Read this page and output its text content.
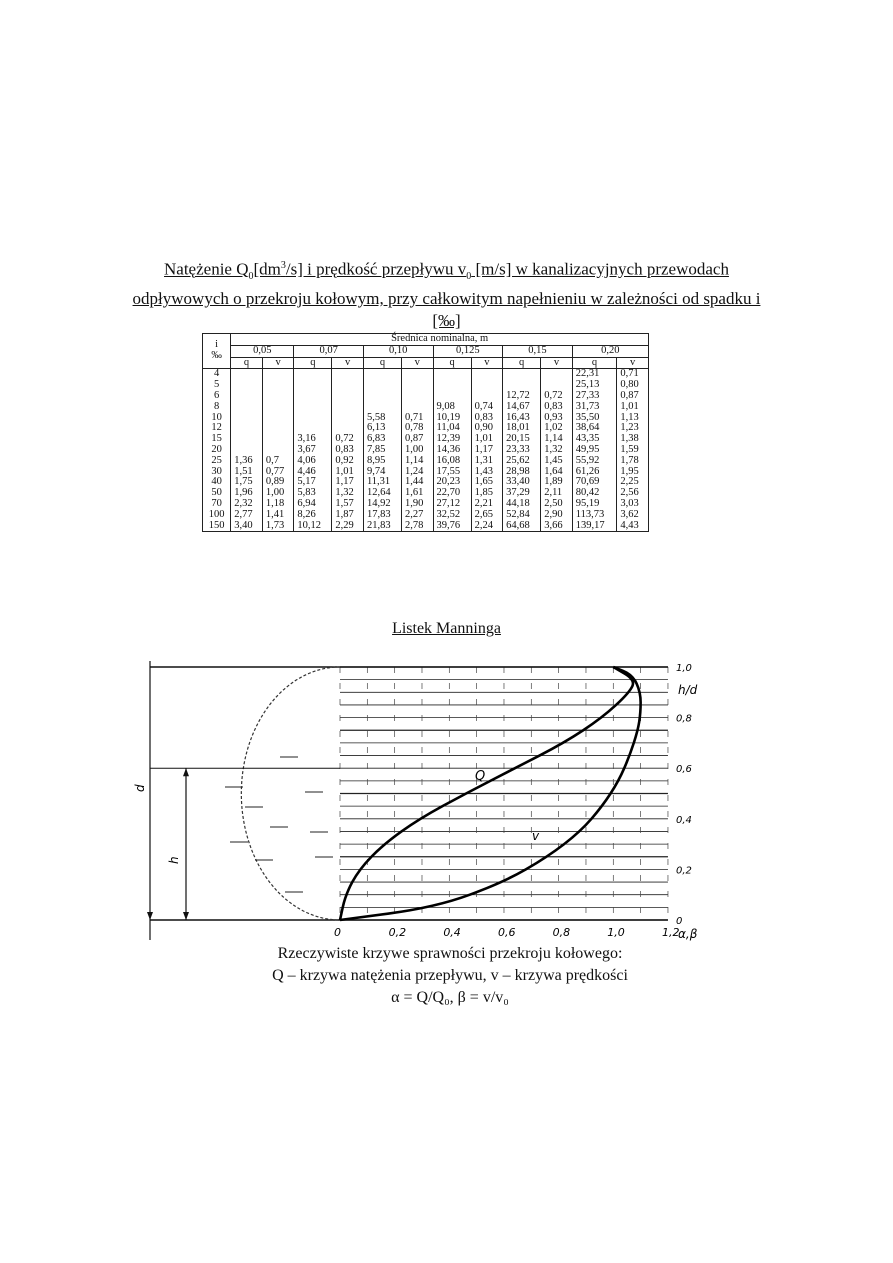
Natężenie $Q_0[dm^3/s]$ i prędkość przepływu $v_0$ [m/s] w kanalizacyjnych przewodach odpływowych o przekroju kołowym, przy całkowitym napełnieniu w zależności od spadku i [‰]
i
‰	Średnica nominalna, m											
	0,05		0,07		0,10		0,125		0,15		0,20	
	q	v	q	v	q	v	q	v	q	v	q	v
4											22,31	0,71
5											25,13	0,80
6									12,72	0,72	27,33	0,87
8							9,08	0,74	14,67	0,83	31,73	1,01
10					5,58	0,71	10,19	0,83	16,43	0,93	35,50	1,13
12					6,13	0,78	11,04	0,90	18,01	1,02	38,64	1,23
15			3,16	0,72	6,83	0,87	12,39	1,01	20,15	1,14	43,35	1,38
20			3,67	0,83	7,85	1,00	14,36	1,17	23,33	1,32	49,95	1,59
25	1,36	0,7	4,06	0,92	8,95	1,14	16,08	1,31	25,62	1,45	55,92	1,78
30	1,51	0,77	4,46	1,01	9,74	1,24	17,55	1,43	28,98	1,64	61,26	1,95
40	1,75	0,89	5,17	1,17	11,31	1,44	20,23	1,65	33,40	1,89	70,69	2,25
50	1,96	1,00	5,83	1,32	12,64	1,61	22,70	1,85	37,29	2,11	80,42	2,56
70	2,32	1,18	6,94	1,57	14,92	1,90	27,12	2,21	44,18	2,50	95,19	3,03
100	2,77	1,41	8,26	1,87	17,83	2,27	32,52	2,65	52,84	2,90	113,73	3,62
150	3,40	1,73	10,12	2,29	21,83	2,78	39,76	2,24	64,68	3,66	139,17	4,43
Listek Manninga
0	0,2	0,4	0,6	0,8	1,0	1,2
0
0,2
0,4
0,6
0,8
1,0
Q
v
h/d
α,β
d
h
Rzeczywiste krzywe sprawności przekroju kołowego:
Q – krzywa natężenia przepływu, v – krzywa prędkości
α = Q/Q₀, β = v/v₀
